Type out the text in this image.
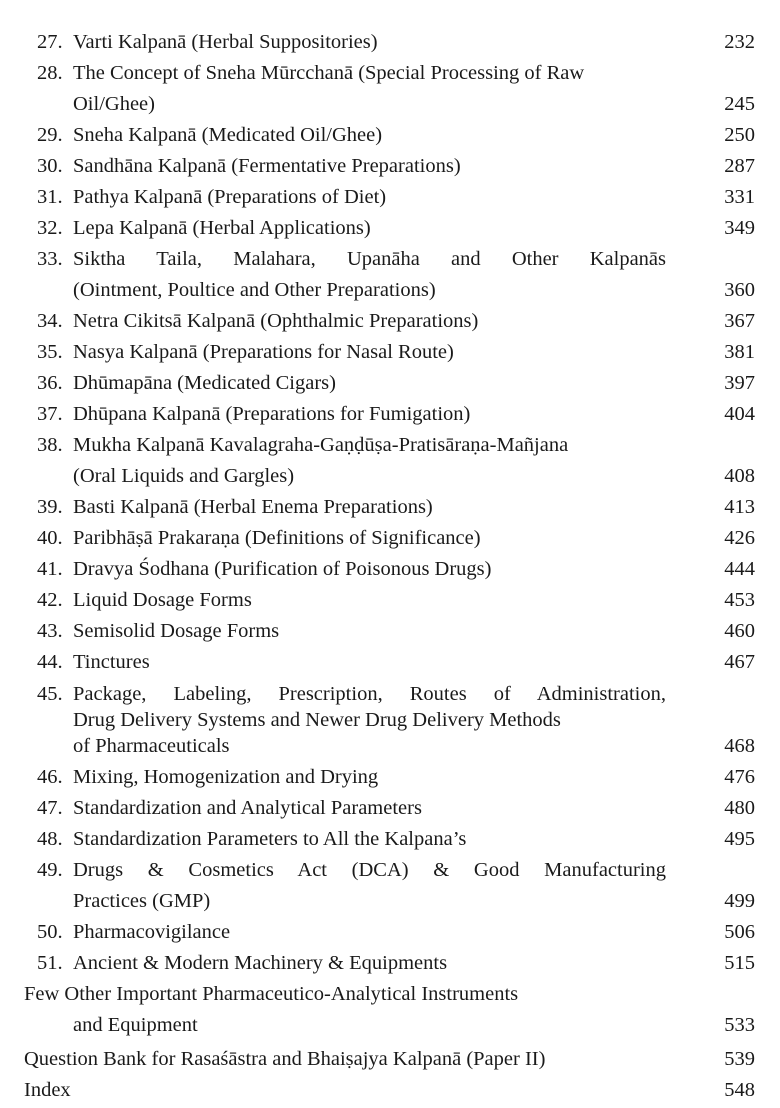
27. Varti Kalpanā (Herbal Suppositories)	232
28. The Concept of Sneha Mūrcchanā (Special Processing of Raw
Oil/Ghee)	245
29. Sneha Kalpanā (Medicated Oil/Ghee)	250
30. Sandhāna Kalpanā (Fermentative Preparations)	287
31. Pathya Kalpanā (Preparations of Diet)	331
32. Lepa Kalpanā (Herbal Applications)	349
33. Siktha Taila, Malahara, Upanāha and Other Kalpanās
(Ointment, Poultice and Other Preparations)	360
34. Netra Cikitsā Kalpanā (Ophthalmic Preparations)	367
35. Nasya Kalpanā (Preparations for Nasal Route)	381
36. Dhūmapāna (Medicated Cigars)	397
37. Dhūpana Kalpanā (Preparations for Fumigation)	404
38. Mukha Kalpanā Kavalagraha-Gaṇḍūṣa-Pratisāraṇa-Mañjana
(Oral Liquids and Gargles)	408
39. Basti Kalpanā (Herbal Enema Preparations)	413
40. Paribhāṣā Prakaraṇa (Definitions of Significance)	426
41. Dravya Śodhana (Purification of Poisonous Drugs)	444
42. Liquid Dosage Forms	453
43. Semisolid Dosage Forms	460
44. Tinctures	467
45. Package, Labeling, Prescription, Routes of Administration,
Drug Delivery Systems and Newer Drug Delivery Methods
of Pharmaceuticals	468
46. Mixing, Homogenization and Drying	476
47. Standardization and Analytical Parameters	480
48. Standardization Parameters to All the Kalpana’s	495
49. Drugs & Cosmetics Act (DCA) & Good Manufacturing
Practices (GMP)	499
50. Pharmacovigilance	506
51. Ancient & Modern Machinery & Equipments	515
Few Other Important Pharmaceutico-Analytical Instruments
and Equipment	533
Question Bank for Rasaśāstra and Bhaiṣajya Kalpanā (Paper II)	539
Index	548
